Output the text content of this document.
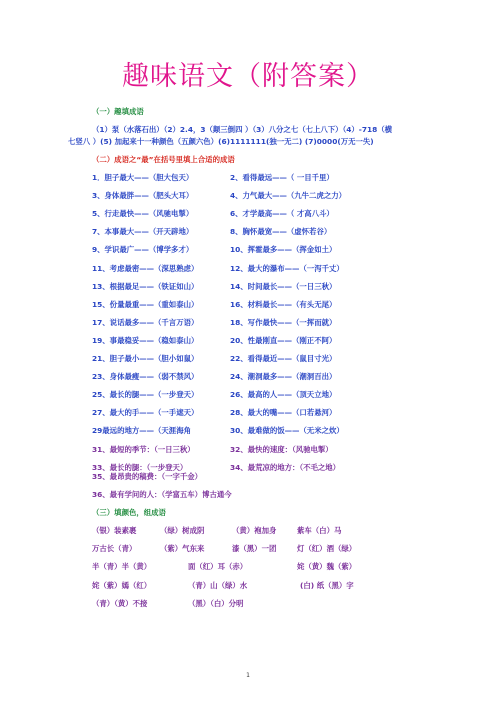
趣味语文（附答案）
（一）趣填成语
（1）泵（水落石出）（2）2.4，3（颠三倒四 ）（3）八分之七（七上八下）（4）-718（横
七竖八 ）(5) 加起来十一种颜色（五颜六色）(6)1111111(独一无二) (7)0000(万无一失)
（二）成语之“最”在括号里填上合适的成语
1．胆子最大——（胆大包天）	2、看得最远——（ 一目千里）
3、身体最胖——（肥头大耳）	4、力气最大——（九牛二虎之力）
5、行走最快——（风驰电掣）	6、才学最高——（ 才高八斗）
7、本事最大——（开天辟地）	8、胸怀最宽——（虚怀若谷）
9、学识最广——（博学多才）	10、挥霍最多——（挥金如土）
11、考虑最密——（深思熟虑）	12、最大的瀑布——（一泻千丈）
13、根据最足——（铁证如山）	14、时间最长——（一日三秋）
15、份量最重——（重如泰山）	16、材料最长——（有头无尾）
17、说话最多——（千言万语）	18、写作最快——（一挥而就）
19、事最稳妥——（稳如泰山）	20、性最刚直——（刚正不阿）
21、胆子最小——（胆小如鼠）	22、看得最近——（鼠目寸光）
23、身体最瘦——（弱不禁风）	24、潮洞最多——（潮洞百出）
25、最长的腿——（一步登天）	26、最高的人——（顶天立地）
27、最大的手——（一手遮天）	28、最大的嘴——（口若悬河）
29最远的地方——（天涯海角	30、最难做的饭——（无米之炊）
31、最短的季节：（一日三秋）	32、最快的速度：（风驰电掣）
33、最长的腿：（一步登天）	34、最荒凉的地方：（不毛之地）
35、最昂贵的稿费：（一字千金）
36、最有学问的人：（学富五车）博古通今
（三）填颜色，组成语
（银）装素裹	（绿）树成阴	（黄）袍加身	紫车（白）马
万古长（青）	（紫）气东来	漆（黑）一团	灯（红）酒（绿）
半（青）半（黄）	面（红）耳（赤）	姹（黄）魏（紫）
姹（紫）嫣（红）	（青）山（绿）水	(白) 纸（黑）字
（青）（黄）不接	（黑）（白）分明
1
